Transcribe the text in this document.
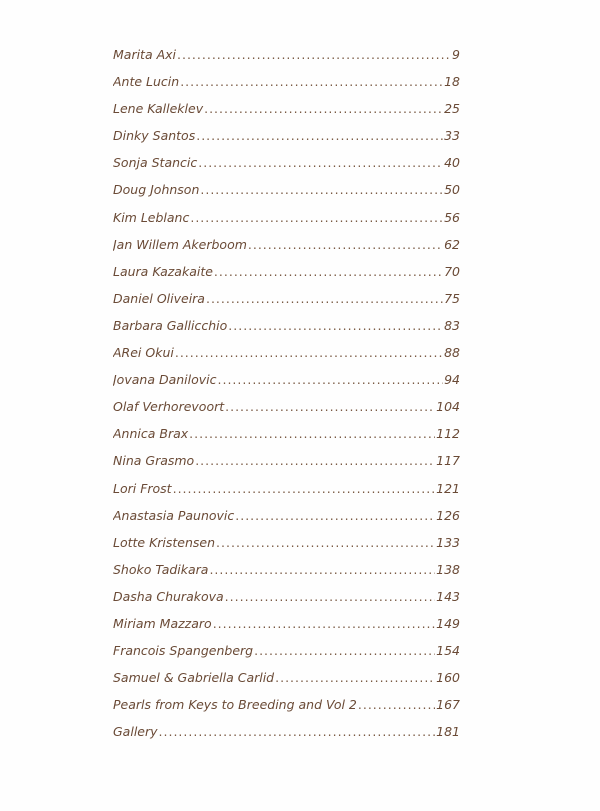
Marita Axi .....	9
Ante Lucin .....	18
Lene Kalleklev .....	25
Dinky Santos .....	33
Sonja Stancic .....	40
Doug Johnson .....	50
Kim Leblanc .....	56
Jan Willem Akerboom .....	62
Laura Kazakaite .....	70
Daniel Oliveira .....	75
Barbara Gallicchio .....	83
ARei Okui .....	88
Jovana Danilovic .....	94
Olaf Verhorevoort .....	104
Annica Brax .....	112
Nina Grasmo .....	117
Lori Frost .....	121
Anastasia Paunovic .....	126
Lotte Kristensen .....	133
Shoko Tadikara .....	138
Dasha Churakova .....	143
Miriam Mazzaro .....	149
Francois Spangenberg .....	154
Samuel & Gabriella Carlid .....	160
Pearls from Keys to Breeding and Vol 2 .....	167
Gallery .....	181
